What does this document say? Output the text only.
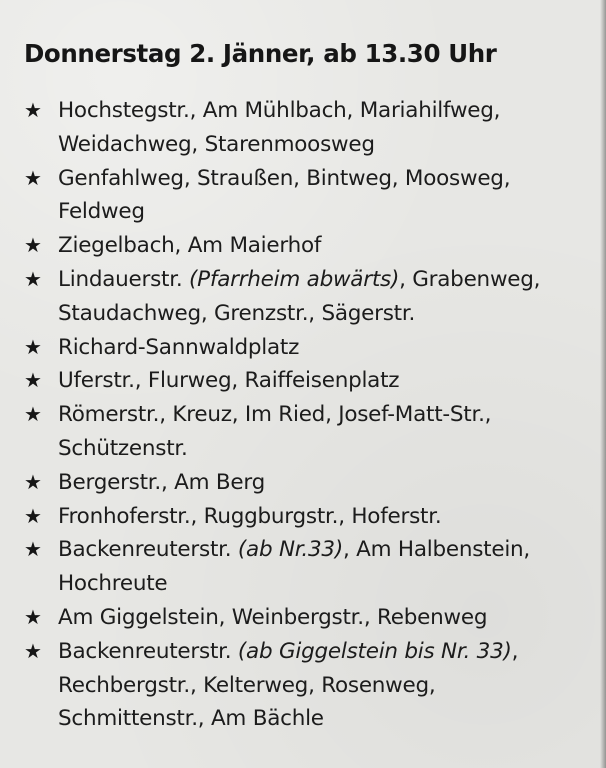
Donnerstag 2. Jänner, ab 13.30 Uhr
★ Hochstegstr., Am Mühlbach, Mariahilfweg,
Weidachweg, Starenmoosweg
★ Genfahlweg, Straußen, Bintweg, Moosweg,
Feldweg
★ Ziegelbach, Am Maierhof
★ Lindauerstr. (Pfarrheim abwärts), Grabenweg,
Staudachweg, Grenzstr., Sägerstr.
★ Richard-Sannwaldplatz
★ Uferstr., Flurweg, Raiffeisenplatz
★ Römerstr., Kreuz, Im Ried, Josef-Matt-Str.,
Schützenstr.
★ Bergerstr., Am Berg
★ Fronhoferstr., Ruggburgstr., Hoferstr.
★ Backenreuterstr. (ab Nr.33), Am Halbenstein,
Hochreute
★ Am Giggelstein, Weinbergstr., Rebenweg
★ Backenreuterstr. (ab Giggelstein bis Nr. 33),
Rechbergstr., Kelterweg, Rosenweg,
Schmittenstr., Am Bächle
